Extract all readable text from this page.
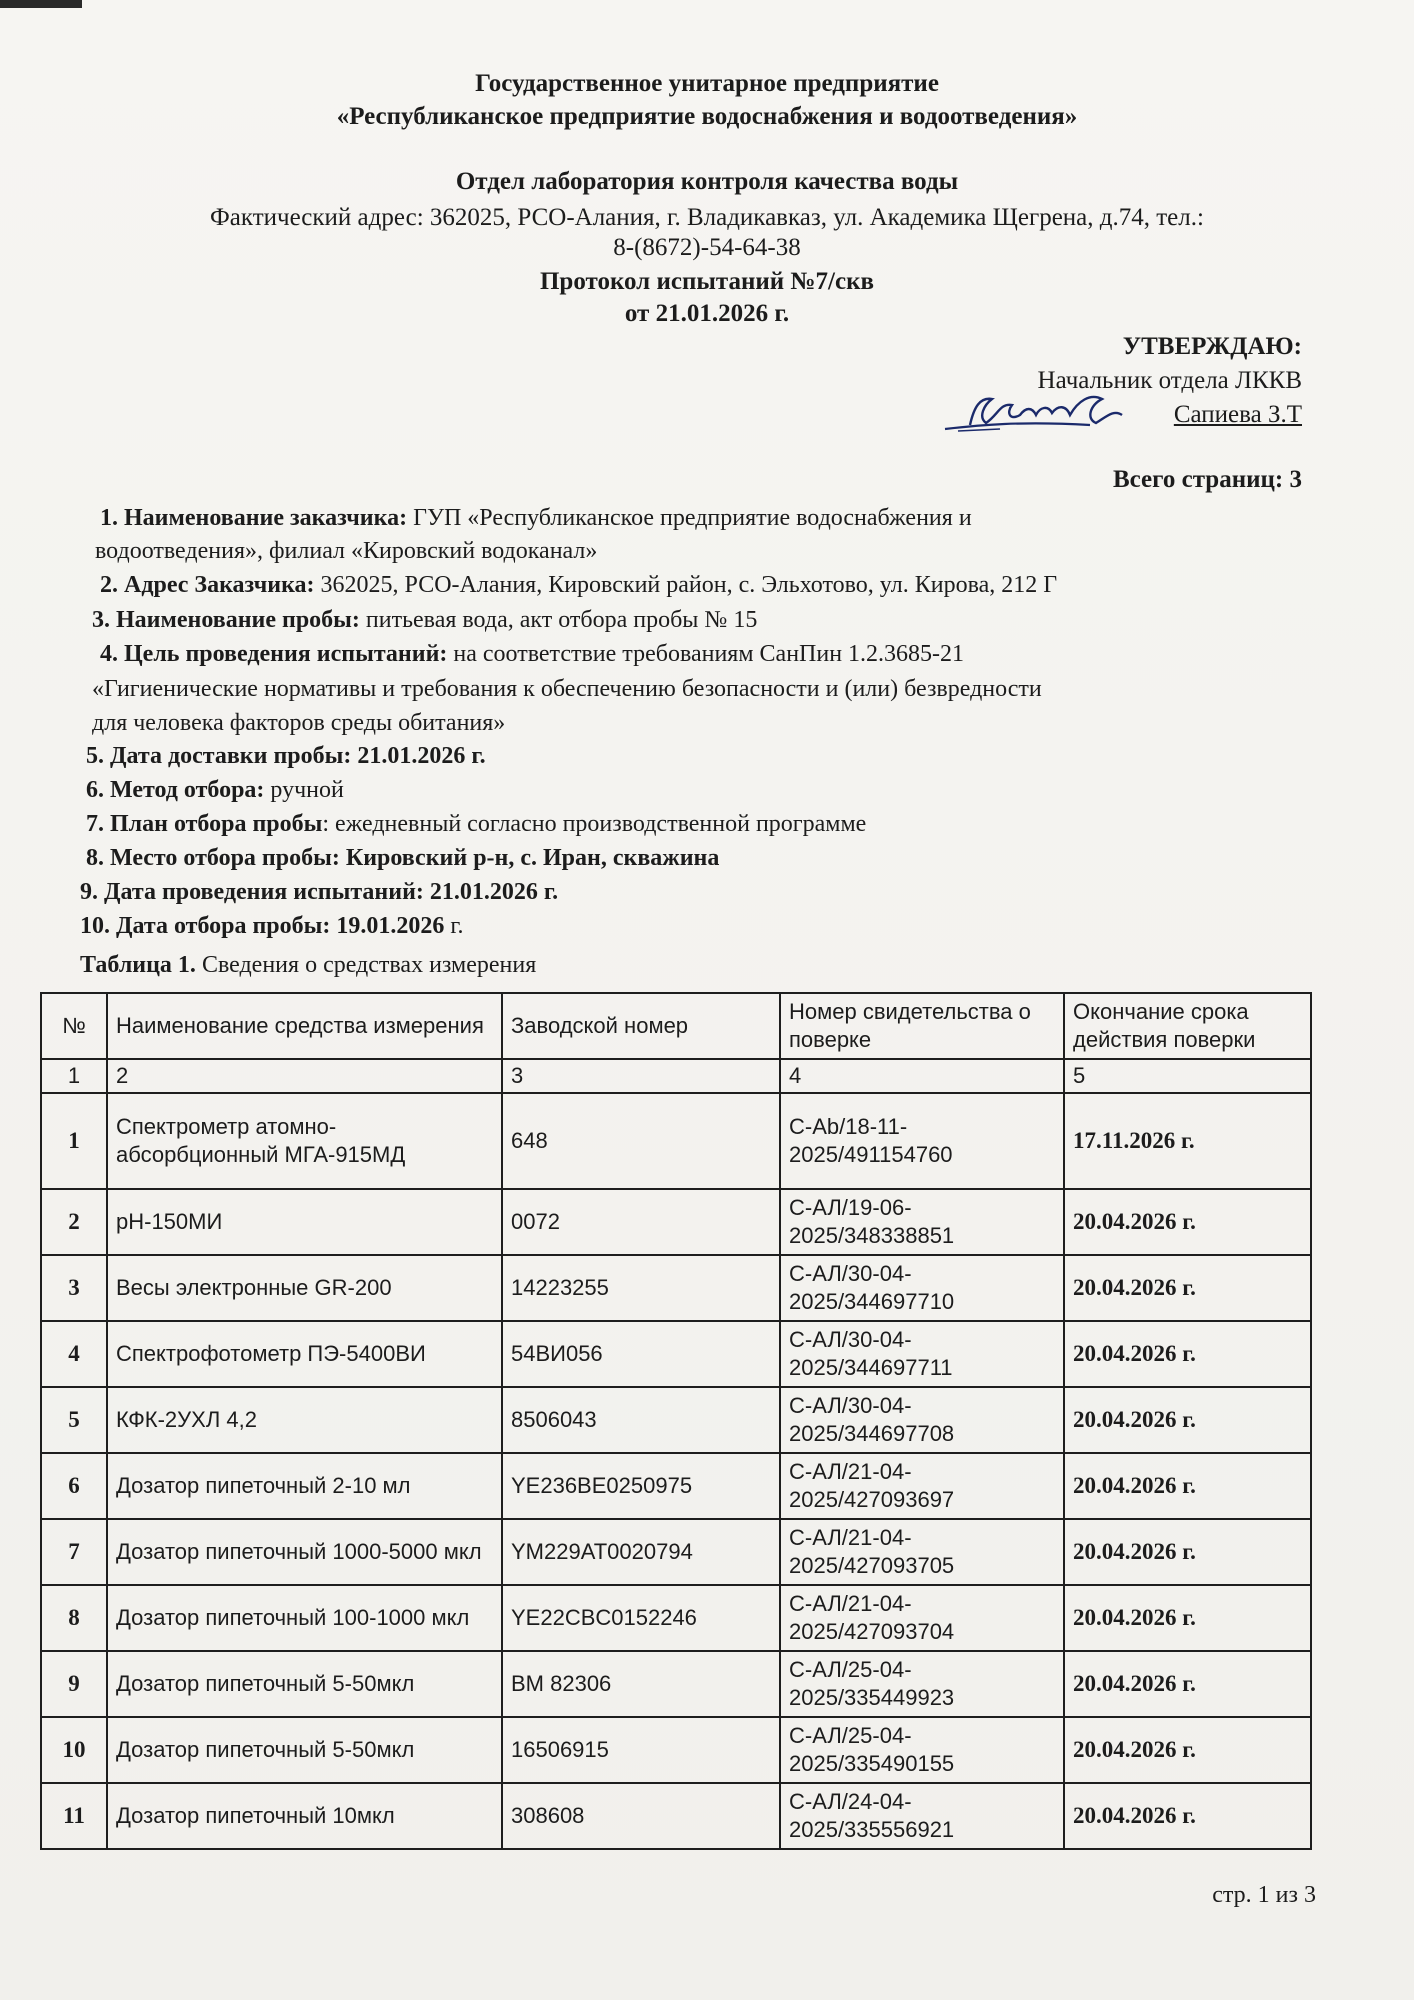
Государственное унитарное предприятие
«Республиканское предприятие водоснабжения и водоотведения»
Отдел лаборатория контроля качества воды
Фактический адрес: 362025, РСО-Алания, г. Владикавказ, ул. Академика Щегрена, д.74, тел.:
8-(8672)-54-64-38
Протокол испытаний №7/скв
от 21.01.2026 г.
УТВЕРЖДАЮ:
Начальник отдела ЛККВ
Сапиева З.Т
Всего страниц: 3
1. Наименование заказчика: ГУП «Республиканское предприятие водоснабжения и
водоотведения», филиал «Кировский водоканал»
2. Адрес Заказчика: 362025, РСО-Алания, Кировский район, с. Эльхотово, ул. Кирова, 212 Г
3. Наименование пробы: питьевая вода, акт отбора пробы № 15
4. Цель проведения испытаний: на соответствие требованиям СанПин 1.2.3685-21
«Гигиенические нормативы и требования к обеспечению безопасности и (или) безвредности
для человека факторов среды обитания»
5. Дата доставки пробы: 21.01.2026 г.
6. Метод отбора: ручной
7. План отбора пробы: ежедневный согласно производственной программе
8. Место отбора пробы: Кировский р-н, с. Иран, скважина
9. Дата проведения испытаний: 21.01.2026 г.
10. Дата отбора пробы: 19.01.2026 г.
Таблица 1. Сведения о средствах измерения
№	Наименование средства измерения	Заводской номер	Номер свидетельства о поверке	Окончание срока действия поверки
1	2	3	4	5
1	Спектрометр атомно-абсорбционный МГА-915МД	648	С-Аb/18-11-2025/491154760	17.11.2026 г.
2	pH-150МИ	0072	С-АЛ/19-06-2025/348338851	20.04.2026 г.
3	Весы электронные GR-200	14223255	С-АЛ/30-04-2025/344697710	20.04.2026 г.
4	Спектрофотометр ПЭ-5400ВИ	54ВИ056	С-АЛ/30-04-2025/344697711	20.04.2026 г.
5	КФК-2УХЛ 4,2	8506043	С-АЛ/30-04-2025/344697708	20.04.2026 г.
6	Дозатор пипеточный 2-10 мл	YE236BE0250975	С-АЛ/21-04-2025/427093697	20.04.2026 г.
7	Дозатор пипеточный 1000-5000 мкл	YM229AT0020794	С-АЛ/21-04-2025/427093705	20.04.2026 г.
8	Дозатор пипеточный 100-1000 мкл	YE22CBC0152246	С-АЛ/21-04-2025/427093704	20.04.2026 г.
9	Дозатор пипеточный 5-50мкл	ВМ 82306	С-АЛ/25-04-2025/335449923	20.04.2026 г.
10	Дозатор пипеточный 5-50мкл	16506915	С-АЛ/25-04-2025/335490155	20.04.2026 г.
11	Дозатор пипеточный 10мкл	308608	С-АЛ/24-04-2025/335556921	20.04.2026 г.
стр. 1 из 3
